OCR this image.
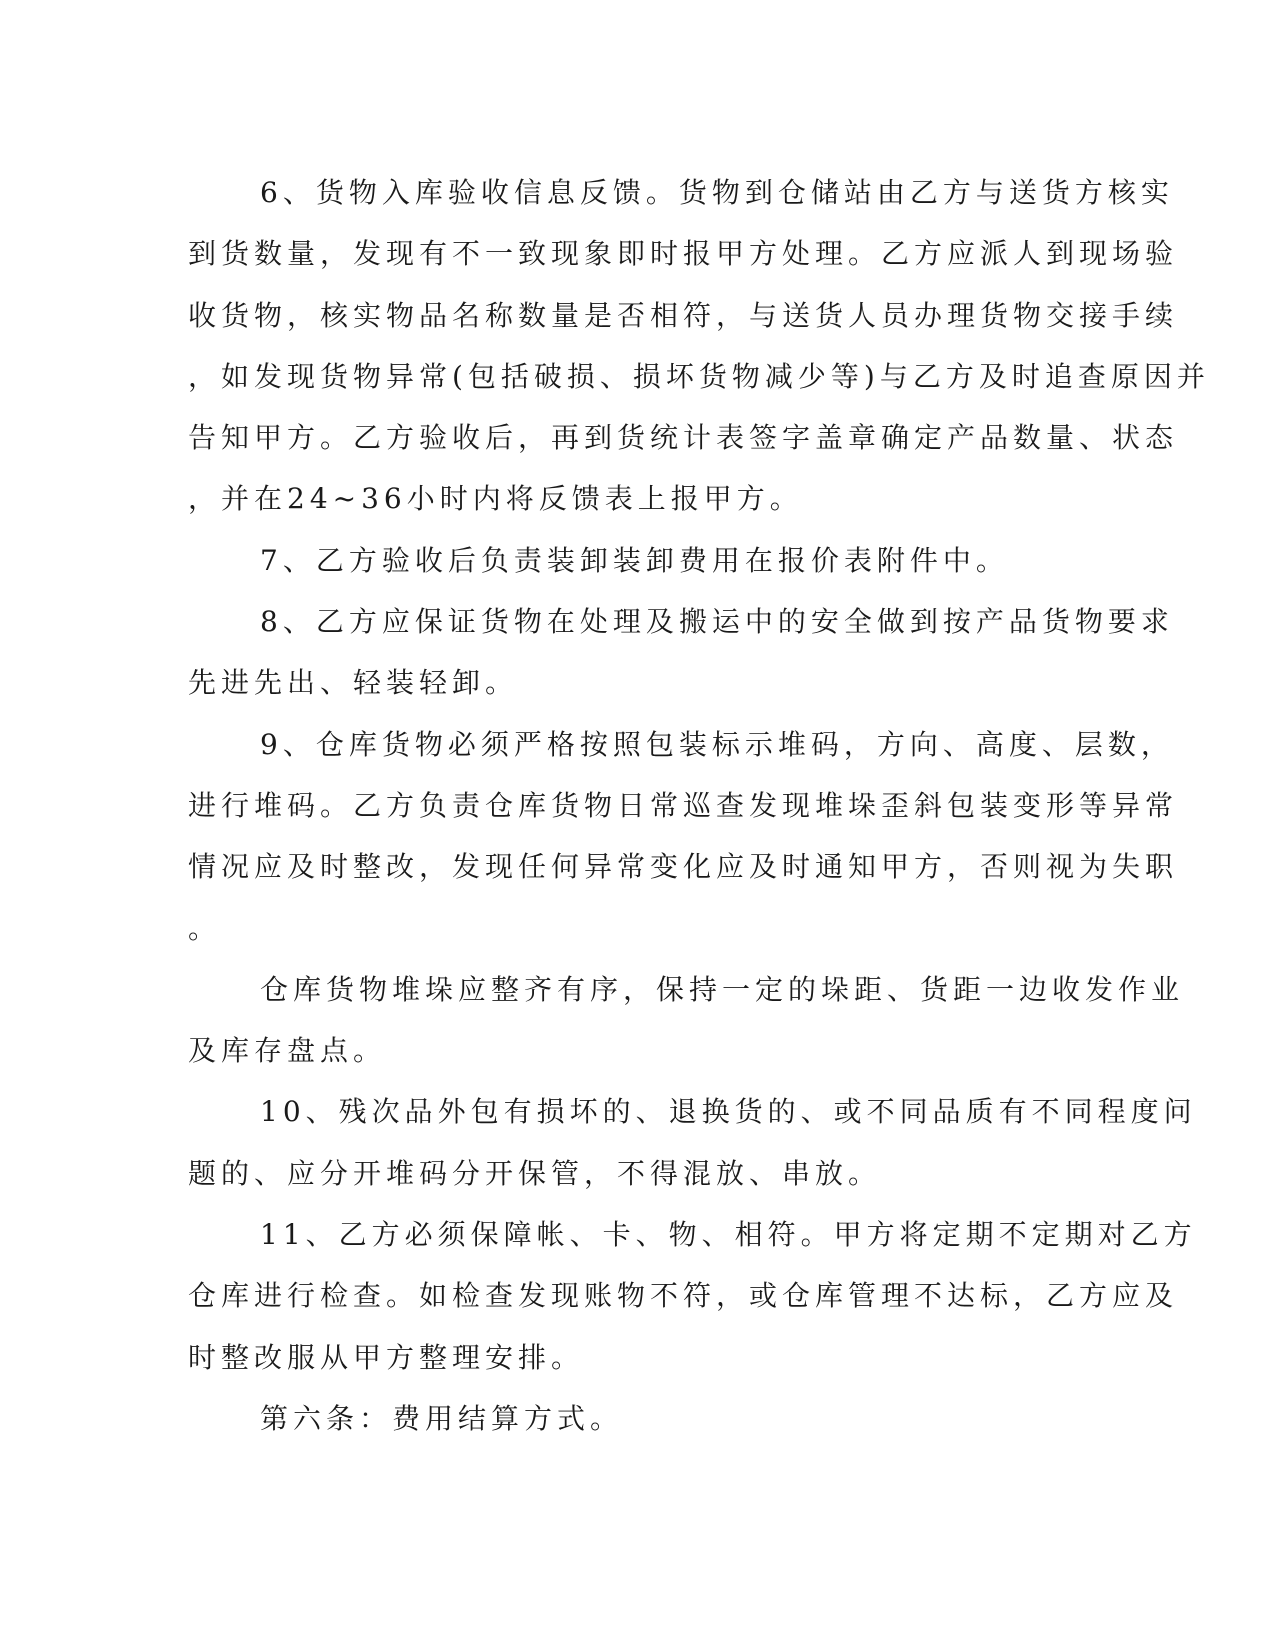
6、货物入库验收信息反馈。货物到仓储站由乙方与送货方核实
到货数量，发现有不一致现象即时报甲方处理。乙方应派人到现场验
收货物，核实物品名称数量是否相符，与送货人员办理货物交接手续
，如发现货物异常(包括破损、损坏货物减少等)与乙方及时追查原因并
告知甲方。乙方验收后，再到货统计表签字盖章确定产品数量、状态
，并在24~36小时内将反馈表上报甲方。
7、乙方验收后负责装卸装卸费用在报价表附件中。
8、乙方应保证货物在处理及搬运中的安全做到按产品货物要求
先进先出、轻装轻卸。
9、仓库货物必须严格按照包装标示堆码，方向、高度、层数，
进行堆码。乙方负责仓库货物日常巡查发现堆垛歪斜包装变形等异常
情况应及时整改，发现任何异常变化应及时通知甲方，否则视为失职
。
仓库货物堆垛应整齐有序，保持一定的垛距、货距一边收发作业
及库存盘点。
10、残次品外包有损坏的、退换货的、或不同品质有不同程度问
题的、应分开堆码分开保管，不得混放、串放。
11、乙方必须保障帐、卡、物、相符。甲方将定期不定期对乙方
仓库进行检查。如检查发现账物不符，或仓库管理不达标，乙方应及
时整改服从甲方整理安排。
第六条：费用结算方式。
